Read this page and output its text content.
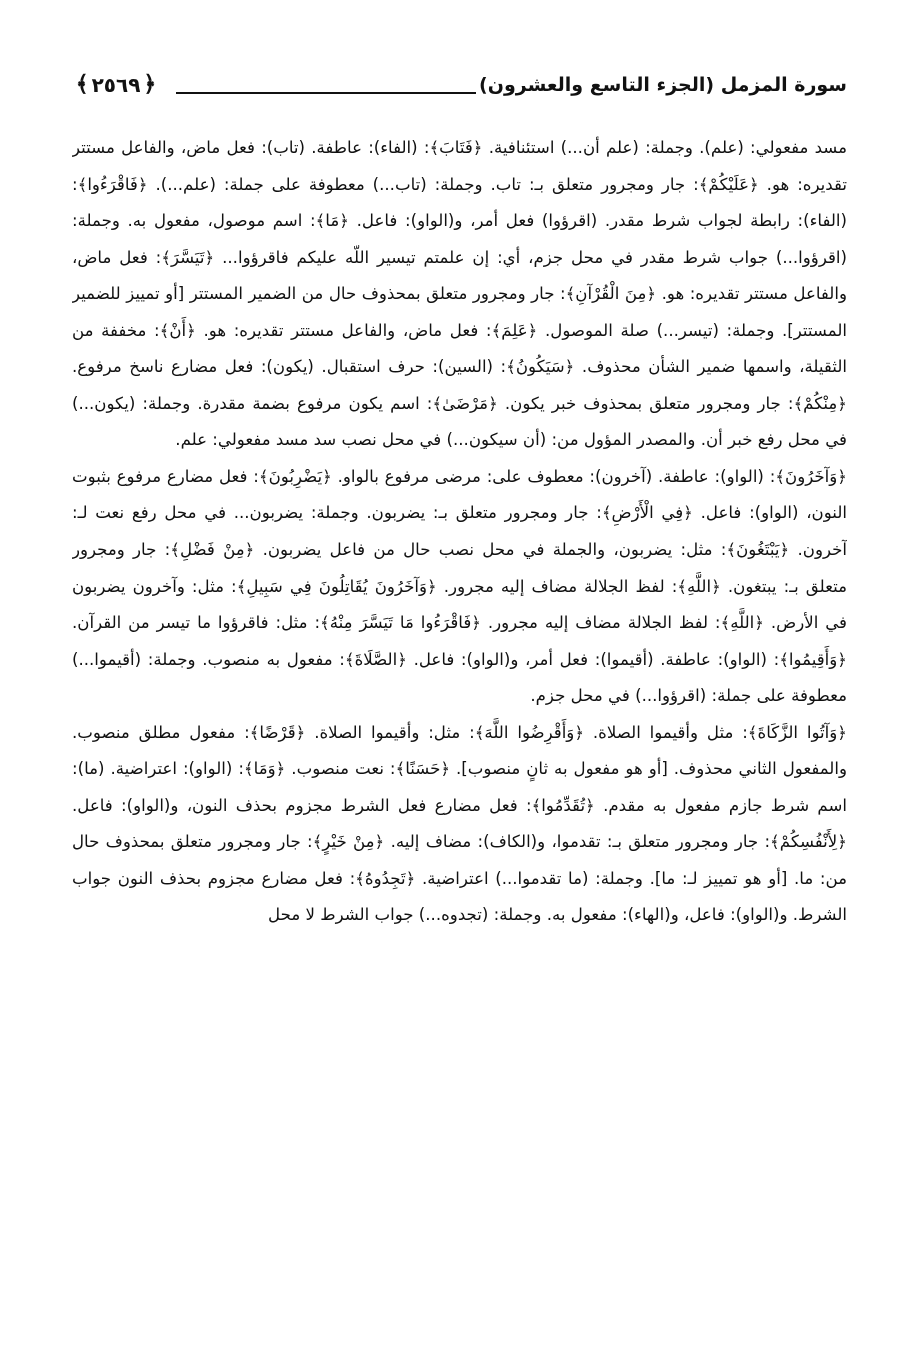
سورة المزمل (الجزء التاسع والعشرون)
﴿
٢٥٦٩
﴾

مسد مفعولي: (علم). وجملة: (علم أن...) استئنافية. ﴿فَتَابَ﴾: (الفاء): عاطفة. (تاب): فعل ماض، والفاعل مستتر تقديره: هو. ﴿عَلَيْكُمْ﴾: جار ومجرور متعلق بـ: تاب. وجملة: (تاب...) معطوفة على جملة: (علم...). ﴿فَاقْرَءُوا﴾: (الفاء): رابطة لجواب شرط مقدر. (اقرؤوا) فعل أمر، و(الواو): فاعل. ﴿مَا﴾: اسم موصول، مفعول به. وجملة: (اقرؤوا...) جواب شرط مقدر في محل جزم، أي: إن علمتم تيسير اللّه عليكم فاقرؤوا... ﴿تَيَسَّرَ﴾: فعل ماض، والفاعل مستتر تقديره: هو. ﴿مِنَ الْقُرْآنِ﴾: جار ومجرور متعلق بمحذوف حال من الضمير المستتر [أو تمييز للضمير المستتر]. وجملة: (تيسر...) صلة الموصول. ﴿عَلِمَ﴾: فعل ماض، والفاعل مستتر تقديره: هو. ﴿أَنْ﴾: مخففة من الثقيلة، واسمها ضمير الشأن محذوف. ﴿سَيَكُونُ﴾: (السين): حرف استقبال. (يكون): فعل مضارع ناسخ مرفوع. ﴿مِنْكُمْ﴾: جار ومجرور متعلق بمحذوف خبر يكون. ﴿مَرْضَىٰ﴾: اسم يكون مرفوع بضمة مقدرة. وجملة: (يكون...) في محل رفع خبر أن. والمصدر المؤول من: (أن سيكون...) في محل نصب سد مسد مفعولي: علم.

﴿وَآخَرُونَ﴾: (الواو): عاطفة. (آخرون): معطوف على: مرضى مرفوع بالواو. ﴿يَضْرِبُونَ﴾: فعل مضارع مرفوع بثبوت النون، (الواو): فاعل. ﴿فِي الْأَرْضِ﴾: جار ومجرور متعلق بـ: يضربون. وجملة: يضربون... في محل رفع نعت لـ: آخرون. ﴿يَبْتَغُونَ﴾: مثل: يضربون، والجملة في محل نصب حال من فاعل يضربون. ﴿مِنْ فَضْلِ﴾: جار ومجرور متعلق بـ: يبتغون. ﴿اللَّهِ﴾: لفظ الجلالة مضاف إليه مجرور. ﴿وَآخَرُونَ يُقَاتِلُونَ فِي سَبِيلِ﴾: مثل: وآخرون يضربون في الأرض. ﴿اللَّهِ﴾: لفظ الجلالة مضاف إليه مجرور. ﴿فَاقْرَءُوا مَا تَيَسَّرَ مِنْهُ﴾: مثل: فاقرؤوا ما تيسر من القرآن. ﴿وَأَقِيمُوا﴾: (الواو): عاطفة. (أقيموا): فعل أمر، و(الواو): فاعل. ﴿الصَّلَاةَ﴾: مفعول به منصوب. وجملة: (أقيموا...) معطوفة على جملة: (اقرؤوا...) في محل جزم.

﴿وَآتُوا الزَّكَاةَ﴾: مثل وأقيموا الصلاة. ﴿وَأَقْرِضُوا اللَّهَ﴾: مثل: وأقيموا الصلاة. ﴿قَرْضًا﴾: مفعول مطلق منصوب. والمفعول الثاني محذوف. [أو هو مفعول به ثانٍ منصوب]. ﴿حَسَنًا﴾: نعت منصوب. ﴿وَمَا﴾: (الواو): اعتراضية. (ما): اسم شرط جازم مفعول به مقدم. ﴿تُقَدِّمُوا﴾: فعل مضارع فعل الشرط مجزوم بحذف النون، و(الواو): فاعل. ﴿لِأَنْفُسِكُمْ﴾: جار ومجرور متعلق بـ: تقدموا، و(الكاف): مضاف إليه. ﴿مِنْ خَيْرٍ﴾: جار ومجرور متعلق بمحذوف حال من: ما. [أو هو تمييز لـ: ما]. وجملة: (ما تقدموا...) اعتراضية. ﴿تَجِدُوهُ﴾: فعل مضارع مجزوم بحذف النون جواب الشرط. و(الواو): فاعل، و(الهاء): مفعول به. وجملة: (تجدوه...) جواب الشرط لا محل
